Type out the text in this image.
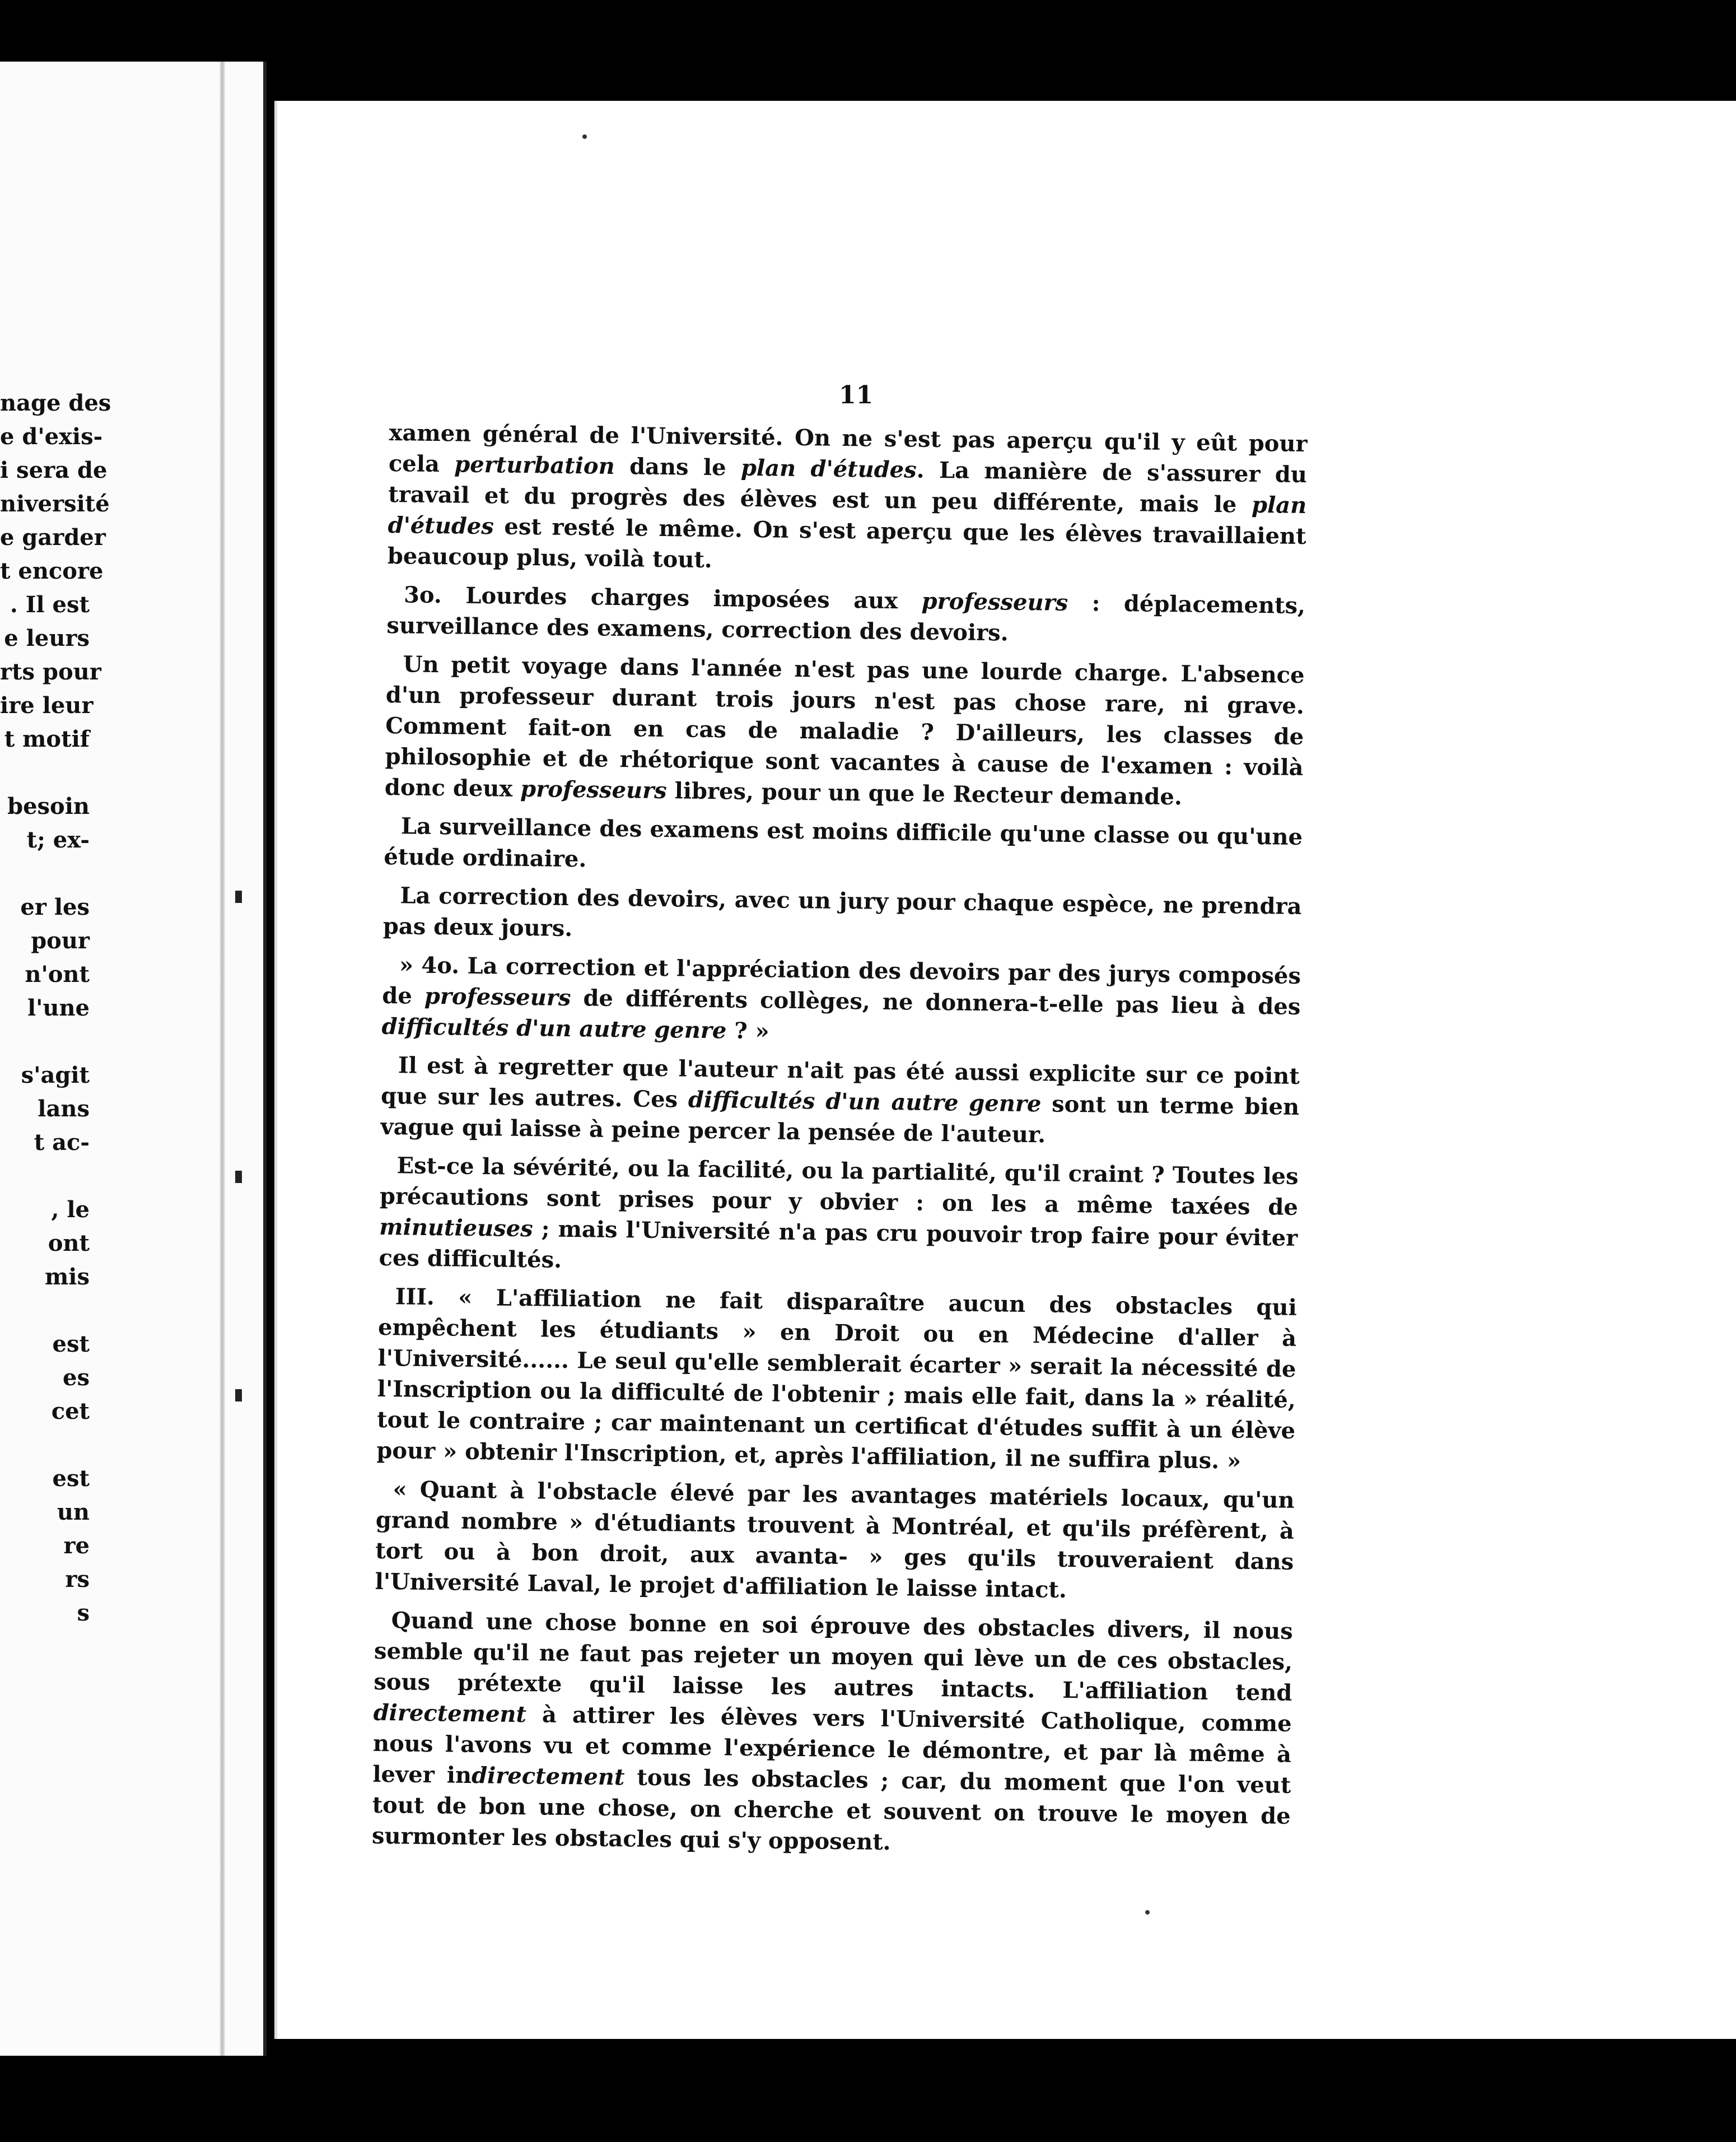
nage des
e d'exis-
i sera de
niversité
e garder
t encore
. Il est
e leurs
rts pour
ire leur
t motif
besoin
t; ex-
er les
pour
n'ont
l'une
s'agit
lans
t ac-
, le
ont
mis
est
es
cet
est
un
re
rs
s
11

xamen général de l'Université. On ne s'est pas aperçu qu'il y eût pour cela perturbation dans le plan d'études. La manière de s'assurer du travail et du progrès des élèves est un peu différente, mais le plan d'études est resté le même. On s'est aperçu que les élèves travaillaient beaucoup plus, voilà tout.

3o. Lourdes charges imposées aux professeurs : déplacements, surveillance des examens, correction des devoirs.

Un petit voyage dans l'année n'est pas une lourde charge. L'absence d'un professeur durant trois jours n'est pas chose rare, ni grave. Comment fait-on en cas de maladie ? D'ailleurs, les classes de philosophie et de rhétorique sont vacantes à cause de l'examen : voilà donc deux professeurs libres, pour un que le Recteur demande.

La surveillance des examens est moins difficile qu'une classe ou qu'une étude ordinaire.

La correction des devoirs, avec un jury pour chaque espèce, ne prendra pas deux jours.

» 4o. La correction et l'appréciation des devoirs par des jurys composés de professeurs de différents collèges, ne donnera-t-elle pas lieu à des difficultés d'un autre genre ? »

Il est à regretter que l'auteur n'ait pas été aussi explicite sur ce point que sur les autres. Ces difficultés d'un autre genre sont un terme bien vague qui laisse à peine percer la pensée de l'auteur.

Est-ce la sévérité, ou la facilité, ou la partialité, qu'il craint ? Toutes les précautions sont prises pour y obvier : on les a même taxées de minutieuses ; mais l'Université n'a pas cru pouvoir trop faire pour éviter ces difficultés.

III. « L'affiliation ne fait disparaître aucun des obstacles qui empêchent les étudiants » en Droit ou en Médecine d'aller à l'Université...... Le seul qu'elle semblerait écarter » serait la nécessité de l'Inscription ou la difficulté de l'obtenir ; mais elle fait, dans la » réalité, tout le contraire ; car maintenant un certificat d'études suffit à un élève pour » obtenir l'Inscription, et, après l'affiliation, il ne suffira plus. »

« Quant à l'obstacle élevé par les avantages matériels locaux, qu'un grand nombre » d'étudiants trouvent à Montréal, et qu'ils préfèrent, à tort ou à bon droit, aux avanta- » ges qu'ils trouveraient dans l'Université Laval, le projet d'affiliation le laisse intact.

Quand une chose bonne en soi éprouve des obstacles divers, il nous semble qu'il ne faut pas rejeter un moyen qui lève un de ces obstacles, sous prétexte qu'il laisse les autres intacts. L'affiliation tend directement à attirer les élèves vers l'Université Catholique, comme nous l'avons vu et comme l'expérience le démontre, et par là même à lever indirectement tous les obstacles ; car, du moment que l'on veut tout de bon une chose, on cherche et souvent on trouve le moyen de surmonter les obstacles qui s'y opposent.
